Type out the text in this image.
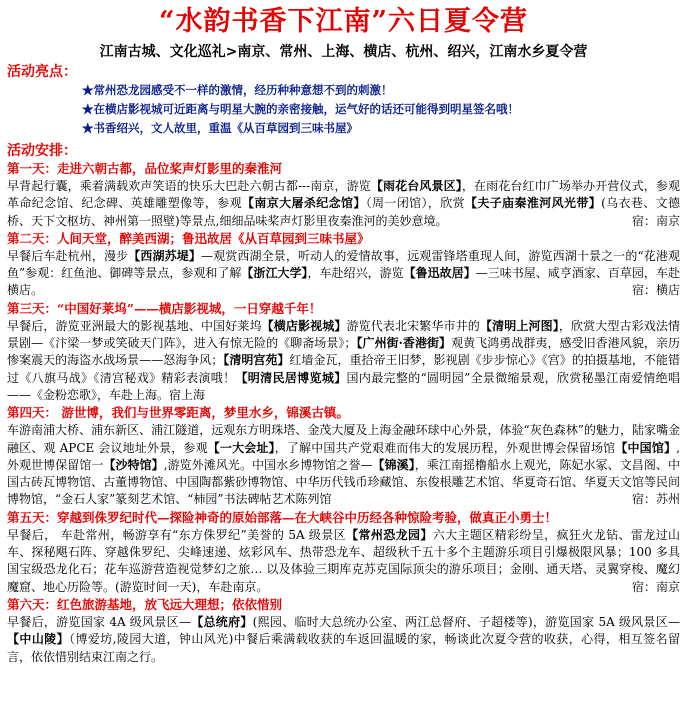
“水韵书香下江南”六日夏令营
江南古城、文化巡礼>南京、常州、上海、横店、杭州、绍兴，江南水乡夏令营
活动亮点：
★常州恐龙园感受不一样的激情，经历种种意想不到的刺激！
★在横店影视城可近距离与明星大腕的亲密接触，运气好的话还可能得到明星签名哦！
★书香绍兴，文人故里，重温《从百草园到三味书屋》
活动安排：
第一天：走进六朝古都，品位桨声灯影里的秦淮河
早背起行囊，乘着满载欢声笑语的快乐大巴赴六朝古都---南京，游览【雨花台风景区】，在雨花台红巾广场举办开营仪式，参观革命纪念馆、纪念碑、英雄雕塑像等，参观【南京大屠杀纪念馆】（周一闭馆），欣赏【夫子庙秦淮河风光带】(乌衣巷、文德桥、天下文枢坊、神州第一照壁)等景点,细细品味桨声灯影里夜秦淮河的美妙意境。	宿：南京
第二天：人间天堂，醉美西湖；鲁迅故居《从百草园到三味书屋》
早餐后车赴杭州，漫步【西湖苏堤】—观赏西湖全景，听动人的爱情故事，远观雷锋塔重现人间，游览西湖十景之一的“花港观鱼”参观：红鱼池、御碑等景点，参观和了解【浙江大学】，车赴绍兴，游览【鲁迅故居】—三味书屋、咸亨酒家、百草园，车赴横店。	宿：横店
第三天：“中国好莱坞”——横店影视城，一日穿越千年！
早餐后，游览亚洲最大的影视基地、中国好莱坞【横店影视城】游览代表北宋繁华市井的【清明上河图】，欣赏大型古彩戏法情景剧—《汴梁一梦或笑破天门阵》，进入有惊无险的《聊斋场景》；【广州街·香港街】观黄飞鸿勇战群夷，感受旧香港风貌，亲历惨案震天的海盗水战场景——怒海争风；【清明宫苑】红墙金瓦，重拾帝王旧梦，影视剧《步步惊心》《宫》的拍摄基地，不能错过《八旗马战》《清宫秘戏》精彩表演哦！【明清民居博览城】国内最完整的“圆明园”全景微缩景观，欣赏秘墨江南爱情绝唱——《金粉恋歌》，车赴上海。宿上海
第四天： 游世博，我们与世界零距离，梦里水乡，锦溪古镇。
车游南浦大桥、浦东新区、浦江隧道，远观东方明珠塔、金茂大厦及上海金融环球中心外景，体验“灰色森林”的魅力，陆家嘴金融区、观 APCE 会议地址外景，参观【一大会址】，了解中国共产党艰难而伟大的发展历程，外观世博会保留场馆【中国馆】,外观世博保留馆一【沙特馆】,游览外滩风光。中国水乡博物馆之誉—【锦溪】，乘江南摇橹船水上观光，陈妃水冢、文昌阁、中国古砖瓦博物馆、古董博物馆、中国陶都紫砂博物馆、中华历代钱币珍藏馆、东俊根雕艺术馆、华夏奇石馆、华夏天文馆等民间博物馆，“金石人家”篆刻艺术馆、“柿园”书法碑帖艺术陈列馆	宿：苏州
第五天：穿越到侏罗纪时代—探险神奇的原始部落—在大峡谷中历经各种惊险考验，做真正小勇士！
早餐后， 车赴常州，畅游享有“东方侏罗纪”美誉的 5A 级景区【常州恐龙园】六大主题区精彩纷呈，疯狂火龙钻、雷龙过山车、探秘飓石阵、穿越侏罗纪、尖峰速递、炫彩风车、热带恐龙车、超级秋千五十多个主题游乐项目引爆极限风暴；100 多具国宝级恐龙化石；花车巡游营造视觉梦幻之旅… 以及体验三期库克苏克国际顶尖的游乐项目；金刚、通天塔、灵翼穿梭、魔幻魔窟、地心历险等。(游览时间一天)，车赴南京。	宿：南京
第六天：红色旅游基地，放飞远大理想；依依惜别
早餐后，游览国家 4A 级风景区—【总统府】(熙园、临时大总统办公室、两江总督府、子超楼等)，游览国家 5A 级风景区—【中山陵】（博爱坊,陵园大道，钟山风光)中餐后乘满载收获的车返回温暖的家，畅谈此次夏令营的收获，心得，相互签名留言，依依惜别结束江南之行。
